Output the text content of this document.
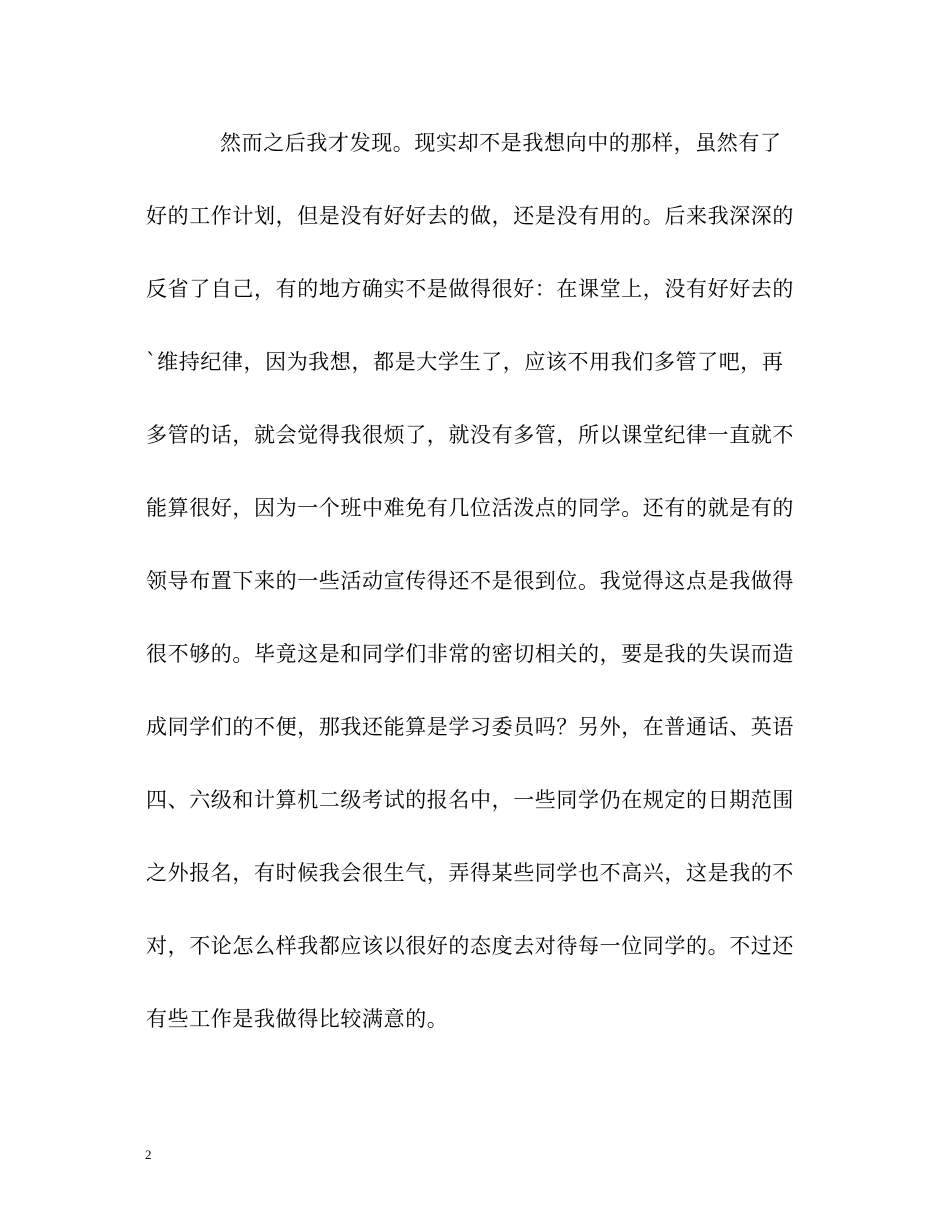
然而之后我才发现。现实却不是我想向中的那样，虽然有了
好的工作计划，但是没有好好去的做，还是没有用的。后来我深深的
反省了自己，有的地方确实不是做得很好：在课堂上，没有好好去的
`维持纪律，因为我想，都是大学生了，应该不用我们多管了吧，再
多管的话，就会觉得我很烦了，就没有多管，所以课堂纪律一直就不
能算很好，因为一个班中难免有几位活泼点的同学。还有的就是有的
领导布置下来的一些活动宣传得还不是很到位。我觉得这点是我做得
很不够的。毕竟这是和同学们非常的密切相关的，要是我的失误而造
成同学们的不便，那我还能算是学习委员吗？另外，在普通话、英语
四、六级和计算机二级考试的报名中，一些同学仍在规定的日期范围
之外报名，有时候我会很生气，弄得某些同学也不高兴，这是我的不
对，不论怎么样我都应该以很好的态度去对待每一位同学的。不过还
有些工作是我做得比较满意的。
2
